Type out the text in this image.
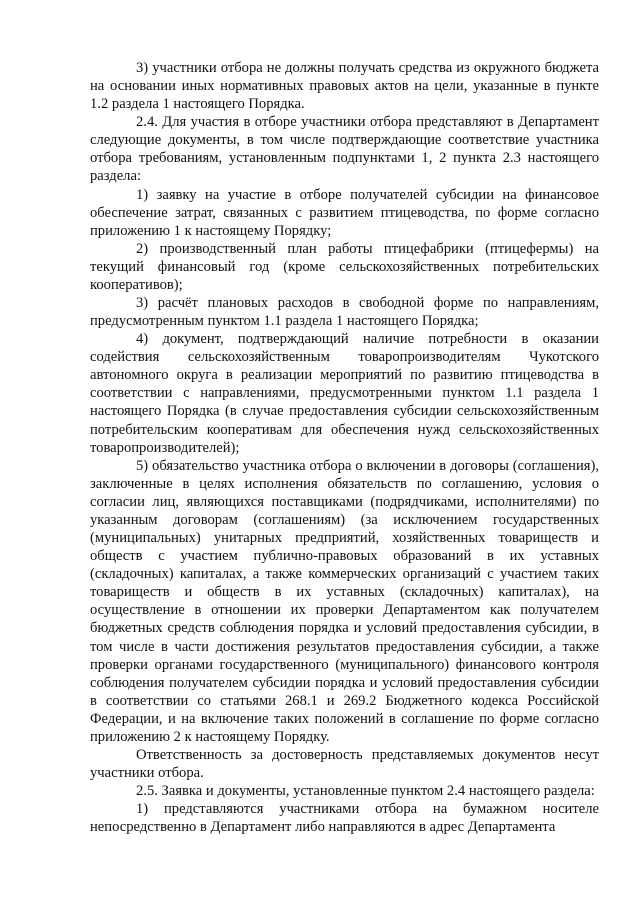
3) участники отбора не должны получать средства из окружного бюджета на основании иных нормативных правовых актов на цели, указанные в пункте 1.2 раздела 1 настоящего Порядка.

2.4. Для участия в отборе участники отбора представляют в Департамент следующие документы, в том числе подтверждающие соответствие участника отбора требованиям, установленным подпунктами 1, 2 пункта 2.3 настоящего раздела:

1) заявку на участие в отборе получателей субсидии на финансовое обеспечение затрат, связанных с развитием птицеводства, по форме согласно приложению 1 к настоящему Порядку;

2) производственный план работы птицефабрики (птицефермы) на текущий финансовый год (кроме сельскохозяйственных потребительских кооперативов);

3) расчёт плановых расходов в свободной форме по направлениям, предусмотренным пунктом 1.1 раздела 1 настоящего Порядка;

4) документ, подтверждающий наличие потребности в оказании содействия сельскохозяйственным товаропроизводителям Чукотского автономного округа в реализации мероприятий по развитию птицеводства в соответствии с направлениями, предусмотренными пунктом 1.1 раздела 1 настоящего Порядка (в случае предоставления субсидии сельскохозяйственным потребительским кооперативам для обеспечения нужд сельскохозяйственных товаропроизводителей);

5) обязательство участника отбора о включении в договоры (соглашения), заключенные в целях исполнения обязательств по соглашению, условия о согласии лиц, являющихся поставщиками (подрядчиками, исполнителями) по указанным договорам (соглашениям) (за исключением государственных (муниципальных) унитарных предприятий, хозяйственных товариществ и обществ с участием публично-правовых образований в их уставных (складочных) капиталах, а также коммерческих организаций с участием таких товариществ и обществ в их уставных (складочных) капиталах), на осуществление в отношении их проверки Департаментом как получателем бюджетных средств соблюдения порядка и условий предоставления субсидии, в том числе в части достижения результатов предоставления субсидии, а также проверки органами государственного (муниципального) финансового контроля соблюдения получателем субсидии порядка и условий предоставления субсидии в соответствии со статьями 268.1 и 269.2 Бюджетного кодекса Российской Федерации, и на включение таких положений в соглашение по форме согласно приложению 2 к настоящему Порядку.

Ответственность за достоверность представляемых документов несут участники отбора.

2.5. Заявка и документы, установленные пунктом 2.4 настоящего раздела:

1) представляются участниками отбора на бумажном носителе непосредственно в Департамент либо направляются в адрес Департамента
